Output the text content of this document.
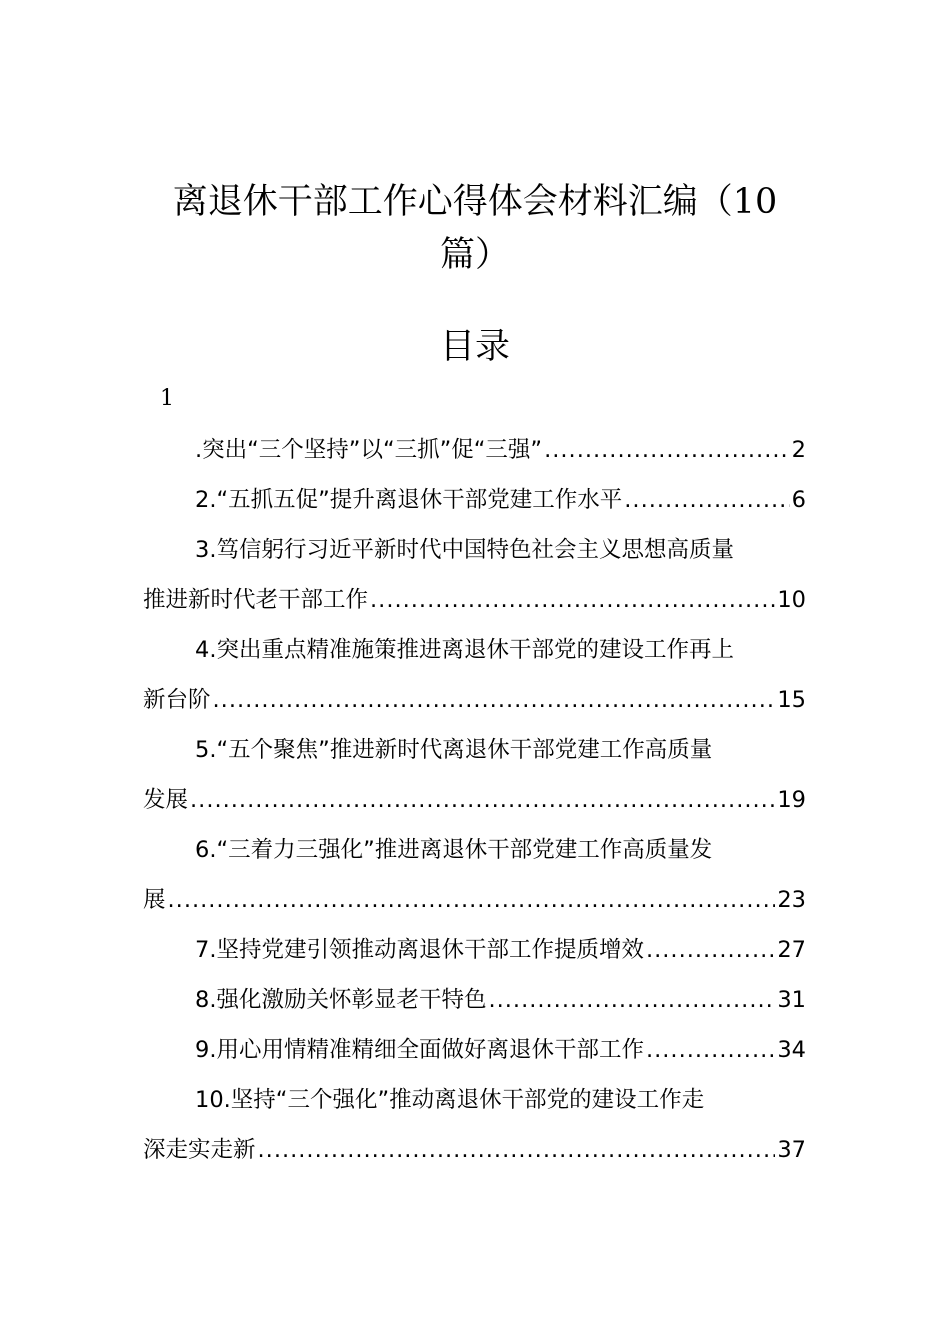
离退休干部工作心得体会材料汇编（10
篇）
目录
1
.突出“三个坚持”以“三抓”促“三强” .....	2
2.“五抓五促”提升离退休干部党建工作水平 .....	6
3.笃信躬行习近平新时代中国特色社会主义思想高质量
推进新时代老干部工作 .....	10
4.突出重点精准施策推进离退休干部党的建设工作再上
新台阶 .....	15
5.“五个聚焦”推进新时代离退休干部党建工作高质量
发展 .....	19
6.“三着力三强化”推进离退休干部党建工作高质量发
展 .....	23
7.坚持党建引领推动离退休干部工作提质增效 .....	27
8.强化激励关怀彰显老干特色 .....	31
9.用心用情精准精细全面做好离退休干部工作 .....	34
10.坚持“三个强化”推动离退休干部党的建设工作走
深走实走新 .....	37
